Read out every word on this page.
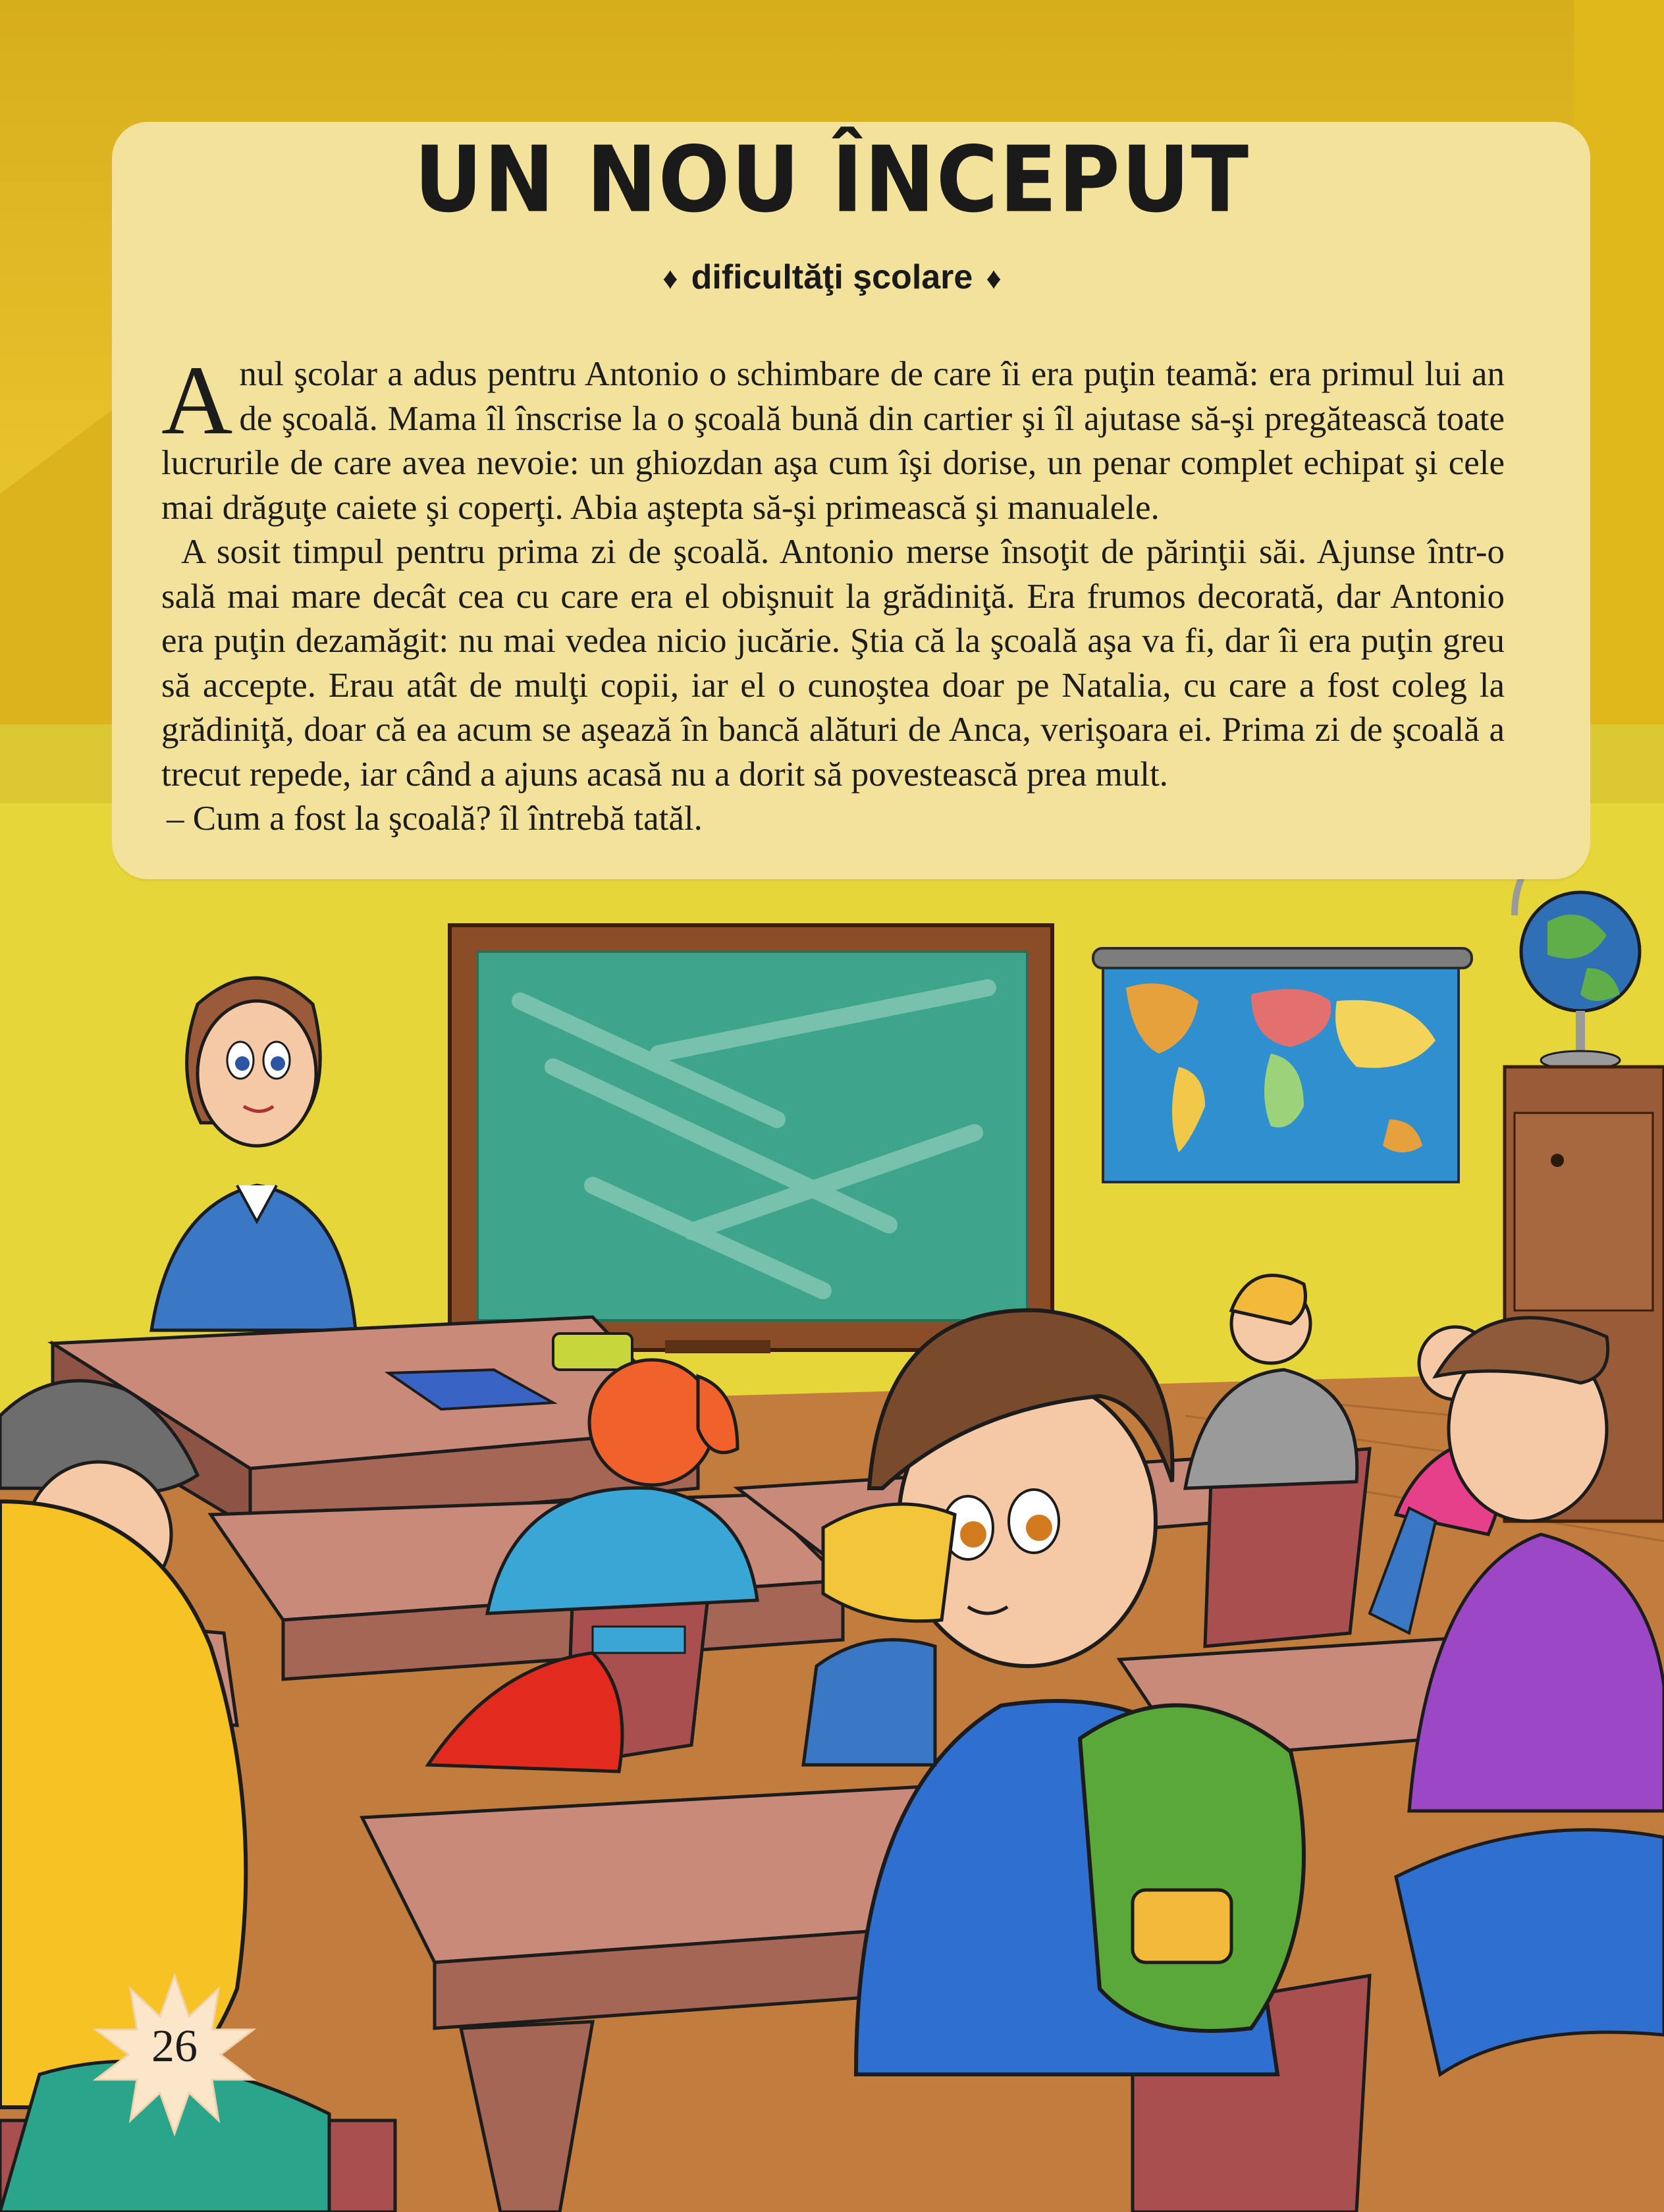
UN NOU ÎNCEPUT
♦ dificultăţi şcolare ♦

Anul şcolar a adus pentru Antonio o schimbare de care îi era puţin teamă: era primul lui an de şcoală. Mama îl înscrise la o şcoală bună din cartier şi îl ajutase să-şi pregătească toate lucrurile de care avea nevoie: un ghiozdan aşa cum îşi dorise, un penar complet echipat şi cele mai drăguţe caiete şi coperţi. Abia aştepta să-şi primească şi manualele.

A sosit timpul pentru prima zi de şcoală. Antonio merse însoţit de părinţii săi. Ajunse într-o sală mai mare decât cea cu care era el obişnuit la grădiniţă. Era frumos decorată, dar Antonio era puţin dezamăgit: nu mai vedea nicio jucărie. Ştia că la şcoală aşa va fi, dar îi era puţin greu să accepte. Erau atât de mulţi copii, iar el o cunoştea doar pe Natalia, cu care a fost coleg la grădiniţă, doar că ea acum se aşează în bancă alături de Anca, verişoara ei. Prima zi de şcoală a trecut repede, iar când a ajuns acasă nu a dorit să povestească prea mult.

– Cum a fost la şcoală? îl întrebă tatăl.

26
